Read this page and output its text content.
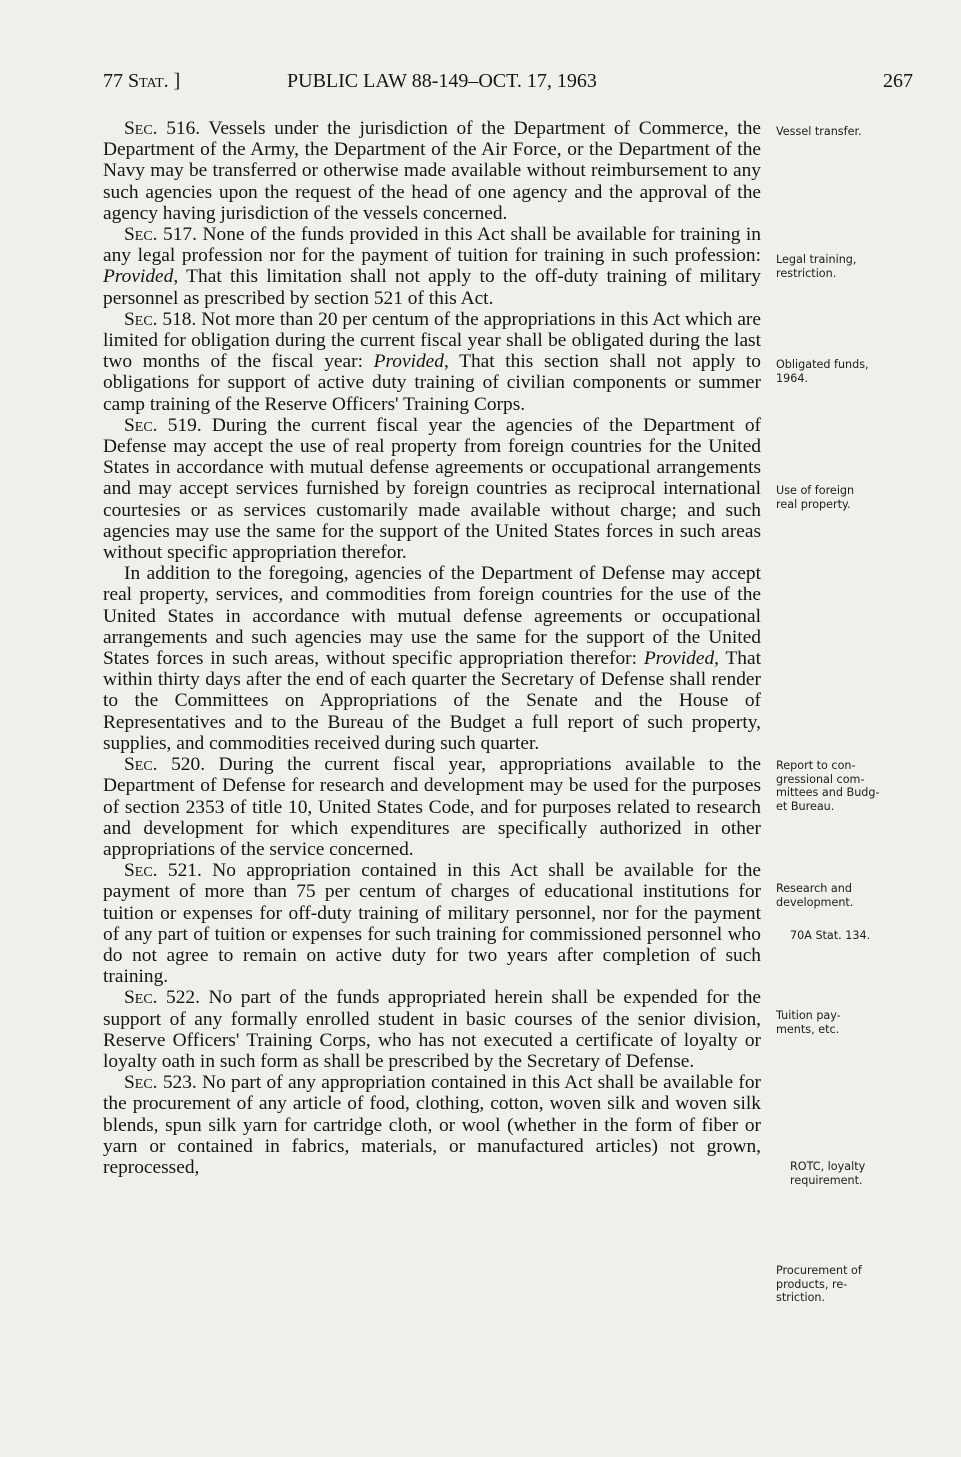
77 Stat. ]	PUBLIC LAW 88-149–OCT. 17, 1963	267

Sec. 516. Vessels under the jurisdiction of the Department of Commerce, the Department of the Army, the Department of the Air Force, or the Department of the Navy may be transferred or otherwise made available without reimbursement to any such agencies upon the request of the head of one agency and the approval of the agency having jurisdiction of the vessels concerned.

Sec. 517. None of the funds provided in this Act shall be available for training in any legal profession nor for the payment of tuition for training in such profession: Provided, That this limitation shall not apply to the off-duty training of military personnel as prescribed by section 521 of this Act.

Sec. 518. Not more than 20 per centum of the appropriations in this Act which are limited for obligation during the current fiscal year shall be obligated during the last two months of the fiscal year: Provided, That this section shall not apply to obligations for support of active duty training of civilian components or summer camp training of the Reserve Officers' Training Corps.

Sec. 519. During the current fiscal year the agencies of the Department of Defense may accept the use of real property from foreign countries for the United States in accordance with mutual defense agreements or occupational arrangements and may accept services furnished by foreign countries as reciprocal international courtesies or as services customarily made available without charge; and such agencies may use the same for the support of the United States forces in such areas without specific appropriation therefor.

In addition to the foregoing, agencies of the Department of Defense may accept real property, services, and commodities from foreign countries for the use of the United States in accordance with mutual defense agreements or occupational arrangements and such agencies may use the same for the support of the United States forces in such areas, without specific appropriation therefor: Provided, That within thirty days after the end of each quarter the Secretary of Defense shall render to the Committees on Appropriations of the Senate and the House of Representatives and to the Bureau of the Budget a full report of such property, supplies, and commodities received during such quarter.

Sec. 520. During the current fiscal year, appropriations available to the Department of Defense for research and development may be used for the purposes of section 2353 of title 10, United States Code, and for purposes related to research and development for which expenditures are specifically authorized in other appropriations of the service concerned.

Sec. 521. No appropriation contained in this Act shall be available for the payment of more than 75 per centum of charges of educational institutions for tuition or expenses for off-duty training of military personnel, nor for the payment of any part of tuition or expenses for such training for commissioned personnel who do not agree to remain on active duty for two years after completion of such training.

Sec. 522. No part of the funds appropriated herein shall be expended for the support of any formally enrolled student in basic courses of the senior division, Reserve Officers' Training Corps, who has not executed a certificate of loyalty or loyalty oath in such form as shall be prescribed by the Secretary of Defense.

Sec. 523. No part of any appropriation contained in this Act shall be available for the procurement of any article of food, clothing, cotton, woven silk and woven silk blends, spun silk yarn for cartridge cloth, or wool (whether in the form of fiber or yarn or contained in fabrics, materials, or manufactured articles) not grown, reprocessed,

Vessel transfer.
Legal training,
restriction.
Obligated funds,
1964.
Use of foreign
real property.
Report to con-
gressional com-
mittees and Budg-
et Bureau.
Research and
development.
70A Stat. 134.
Tuition pay-
ments, etc.
ROTC, loyalty
requirement.
Procurement of
products, re-
striction.
